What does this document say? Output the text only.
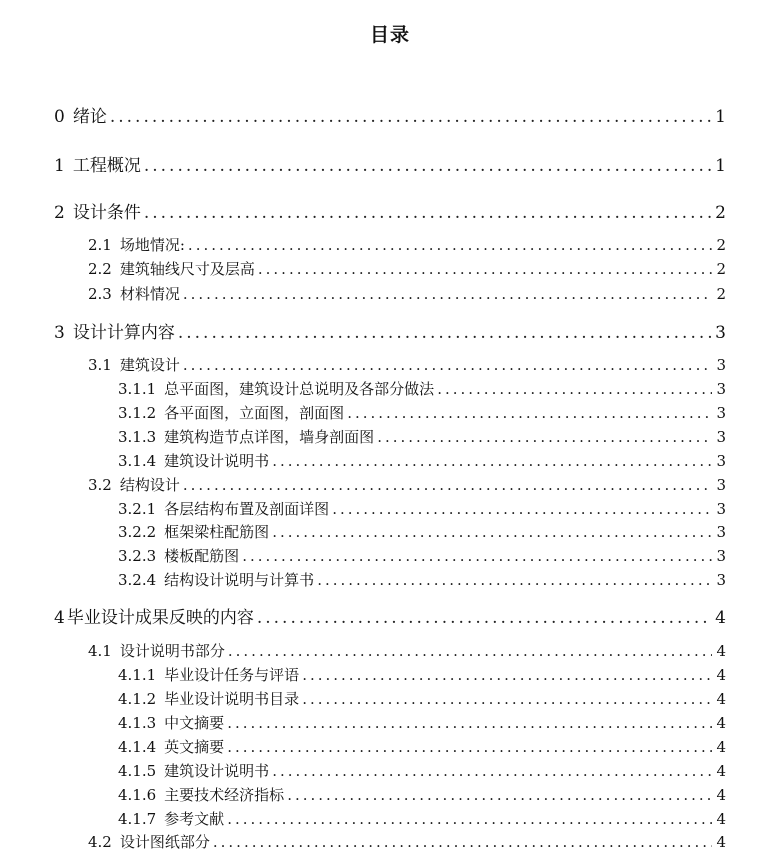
目录
0 绪论 .....	1
1 工程概况 .....	1
2 设计条件 .....	2
2.1 场地情况: .....	2
2.2 建筑轴线尺寸及层高 .....	2
2.3 材料情况 .....	2
3 设计计算内容 .....	3
3.1 建筑设计 .....	3
3.1.1 总平面图，建筑设计总说明及各部分做法 .....	3
3.1.2 各平面图，立面图，剖面图 .....	3
3.1.3 建筑构造节点详图，墙身剖面图 .....	3
3.1.4 建筑设计说明书 .....	3
3.2 结构设计 .....	3
3.2.1 各层结构布置及剖面详图 .....	3
3.2.2 框架梁柱配筋图 .....	3
3.2.3 楼板配筋图 .....	3
3.2.4 结构设计说明与计算书 .....	3
4 毕业设计成果反映的内容 .....	4
4.1 设计说明书部分 .....	4
4.1.1 毕业设计任务与评语 .....	4
4.1.2 毕业设计说明书目录 .....	4
4.1.3 中文摘要 .....	4
4.1.4 英文摘要 .....	4
4.1.5 建筑设计说明书 .....	4
4.1.6 主要技术经济指标 .....	4
4.1.7 参考文献 .....	4
4.2 设计图纸部分 .....	4
